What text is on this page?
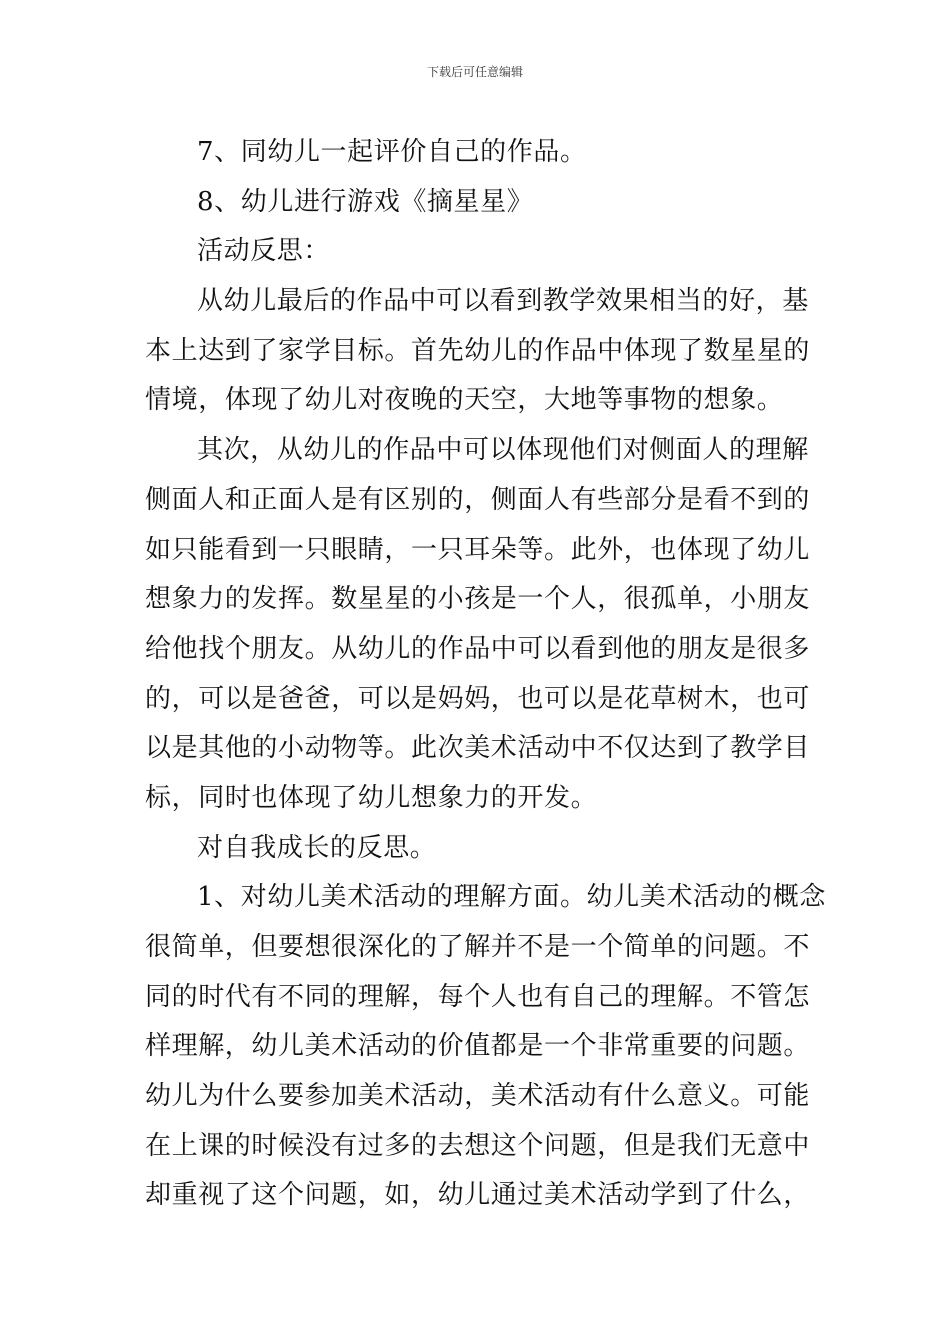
下载后可任意编辑
7、同幼儿一起评价自己的作品。
8、幼儿进行游戏《摘星星》
活动反思：
从幼儿最后的作品中可以看到教学效果相当的好，基
本上达到了家学目标。首先幼儿的作品中体现了数星星的
情境，体现了幼儿对夜晚的天空，大地等事物的想象。
其次，从幼儿的作品中可以体现他们对侧面人的理解
侧面人和正面人是有区别的，侧面人有些部分是看不到的
如只能看到一只眼睛，一只耳朵等。此外，也体现了幼儿
想象力的发挥。数星星的小孩是一个人，很孤单，小朋友
给他找个朋友。从幼儿的作品中可以看到他的朋友是很多
的，可以是爸爸，可以是妈妈，也可以是花草树木，也可
以是其他的小动物等。此次美术活动中不仅达到了教学目
标，同时也体现了幼儿想象力的开发。
对自我成长的反思。
1、对幼儿美术活动的理解方面。幼儿美术活动的概念
很简单，但要想很深化的了解并不是一个简单的问题。不
同的时代有不同的理解，每个人也有自己的理解。不管怎
样理解，幼儿美术活动的价值都是一个非常重要的问题。
幼儿为什么要参加美术活动，美术活动有什么意义。可能
在上课的时候没有过多的去想这个问题，但是我们无意中
却重视了这个问题，如，幼儿通过美术活动学到了什么，
